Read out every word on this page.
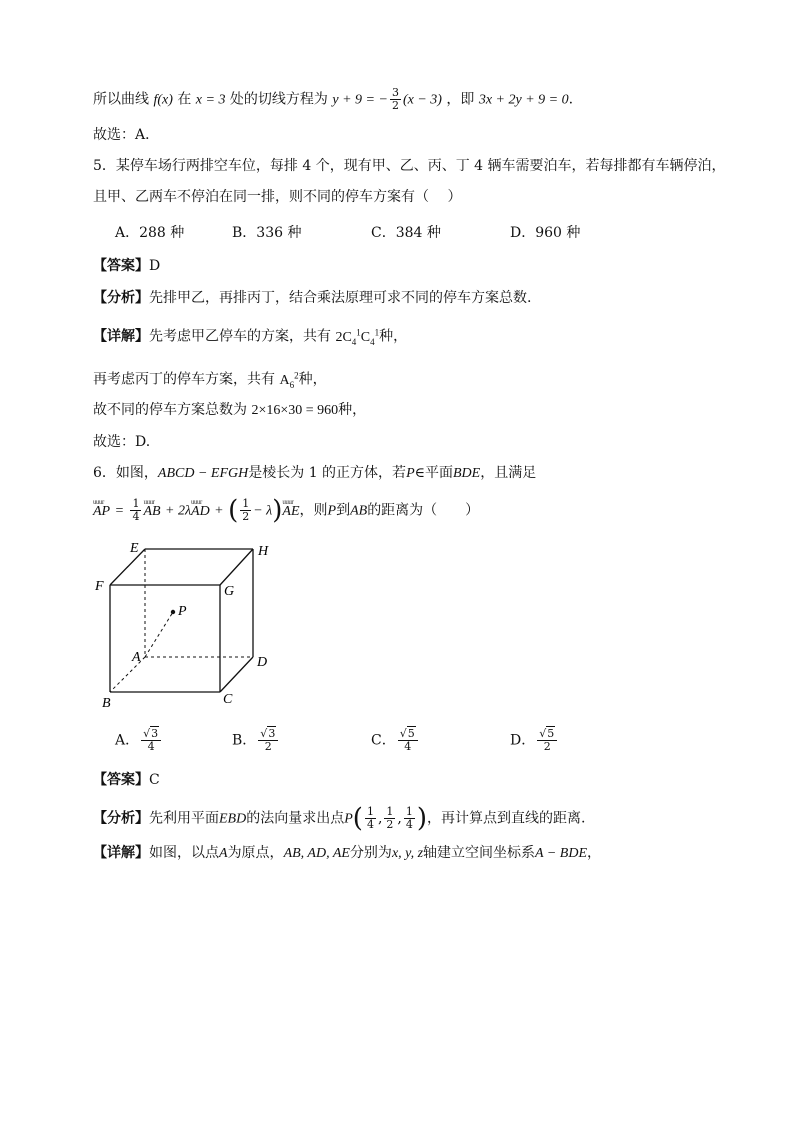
所以曲线 f(x) 在 x = 3 处的切线方程为 y + 9 = − $\frac{3}{2} (x - 3)$ ，即 3x + 2y + 9 = 0.
故选：A．
5．某停车场行两排空车位，每排 4 个，现有甲、乙、丙、丁 4 辆车需要泊车，若每排都有车辆停泊，
且甲、乙两车不停泊在同一排，则不同的停车方案有（　 ）
A．288 种	B．336 种	C．384 种	D．960 种
【答案】D
【分析】先排甲乙，再排丙丁，结合乘法原理可求不同的停车方案总数.
【详解】先考虑甲乙停车的方案，共有 $2C_4^1C_4^1$种，
再考虑丙丁的停车方案，共有 $A_6^2$种，
故不同的停车方案总数为 2×16×30 = 960种，
故选：D.
6．如图，ABCD − EFGH是棱长为 1 的正方体，若P∈平面BDE，且满足
uuur AP = $\frac{1}{4}$
uuur AB + 2λuuur AD + ( $\frac{1}{2}$ − λ)uuur AE，则P到AB的距离为（　　）
E	H
F	G
P
A	D
B	C
A． $\frac{√3}{4}$	B． $\frac{√3}{2}$	C． $\frac{√5}{4}$	D． $\frac{√5}{2}$
【答案】C
【分析】先利用平面EBD的法向量求出点$P( \frac{1}{4}$ , $\frac{1}{2}$ , $\frac{1}{4}$ )，再计算点到直线的距离.
【详解】如图，以点A为原点，AB, AD, AE分别为x, y, z轴建立空间坐标系A − BDE，
